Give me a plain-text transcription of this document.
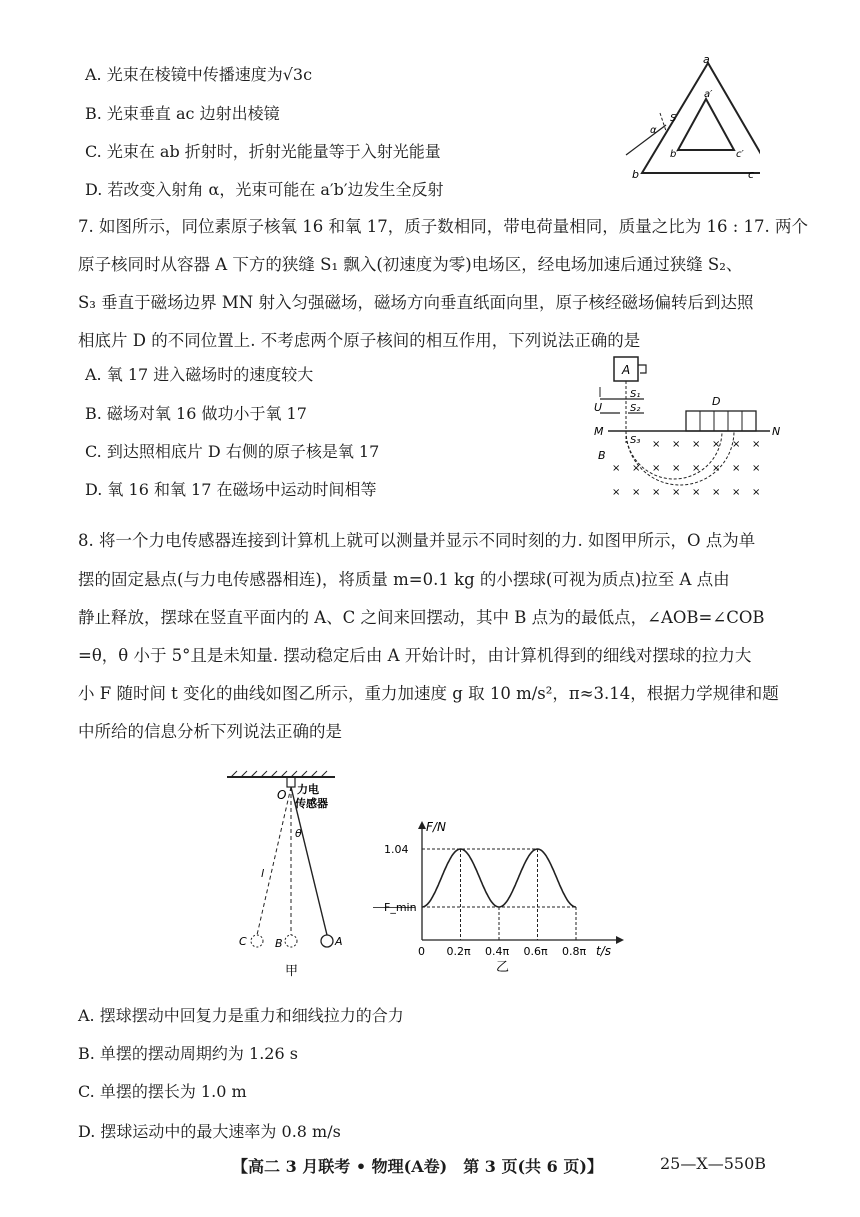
A. 光束在棱镜中传播速度为√3c
B. 光束垂直 ac 边射出棱镜
C. 光束在 ab 折射时，折射光能量等于入射光能量
D. 若改变入射角 α，光束可能在 a′b′边发生全反射
a
b	c
a′
b′	c′
S
α
7. 如图所示，同位素原子核氧 16 和氧 17，质子数相同，带电荷量相同，质量之比为 16 : 17. 两个
原子核同时从容器 A 下方的狭缝 S₁ 飘入(初速度为零)电场区，经电场加速后通过狭缝 S₂、
S₃ 垂直于磁场边界 MN 射入匀强磁场，磁场方向垂直纸面向里，原子核经磁场偏转后到达照
相底片 D 的不同位置上. 不考虑两个原子核间的相互作用，下列说法正确的是
A. 氧 17 进入磁场时的速度较大
B. 磁场对氧 16 做功小于氧 17
C. 到达照相底片 D 右侧的原子核是氧 17
D. 氧 16 和氧 17 在磁场中运动时间相等
A
U
S₁
S₂
S₃
M	N
D
B
× × × × × ×
× × × × × × × ×
× × × × × × × ×
8. 将一个力电传感器连接到计算机上就可以测量并显示不同时刻的力. 如图甲所示，O 点为单
摆的固定悬点(与力电传感器相连)，将质量 m=0.1 kg 的小摆球(可视为质点)拉至 A 点由
静止释放，摆球在竖直平面内的 A、C 之间来回摆动，其中 B 点为的最低点，∠AOB=∠COB
=θ，θ 小于 5°且是未知量. 摆动稳定后由 A 开始计时，由计算机得到的细线对摆球的拉力大
小 F 随时间 t 变化的曲线如图乙所示，重力加速度 g 取 10 m/s²，π≈3.14，根据力学规律和题
中所给的信息分析下列说法正确的是
O 力电
传感器
θ
l
C	B	A
甲
F/N
t/s
1.04
F_min
0 0.2π 0.4π 0.6π 0.8π
乙
A. 摆球摆动中回复力是重力和细线拉力的合力
B. 单摆的摆动周期约为 1.26 s
C. 单摆的摆长为 1.0 m
D. 摆球运动中的最大速率为 0.8 m/s
【高二 3 月联考 • 物理(A卷)　第 3 页(共 6 页)】	25—X—550B
